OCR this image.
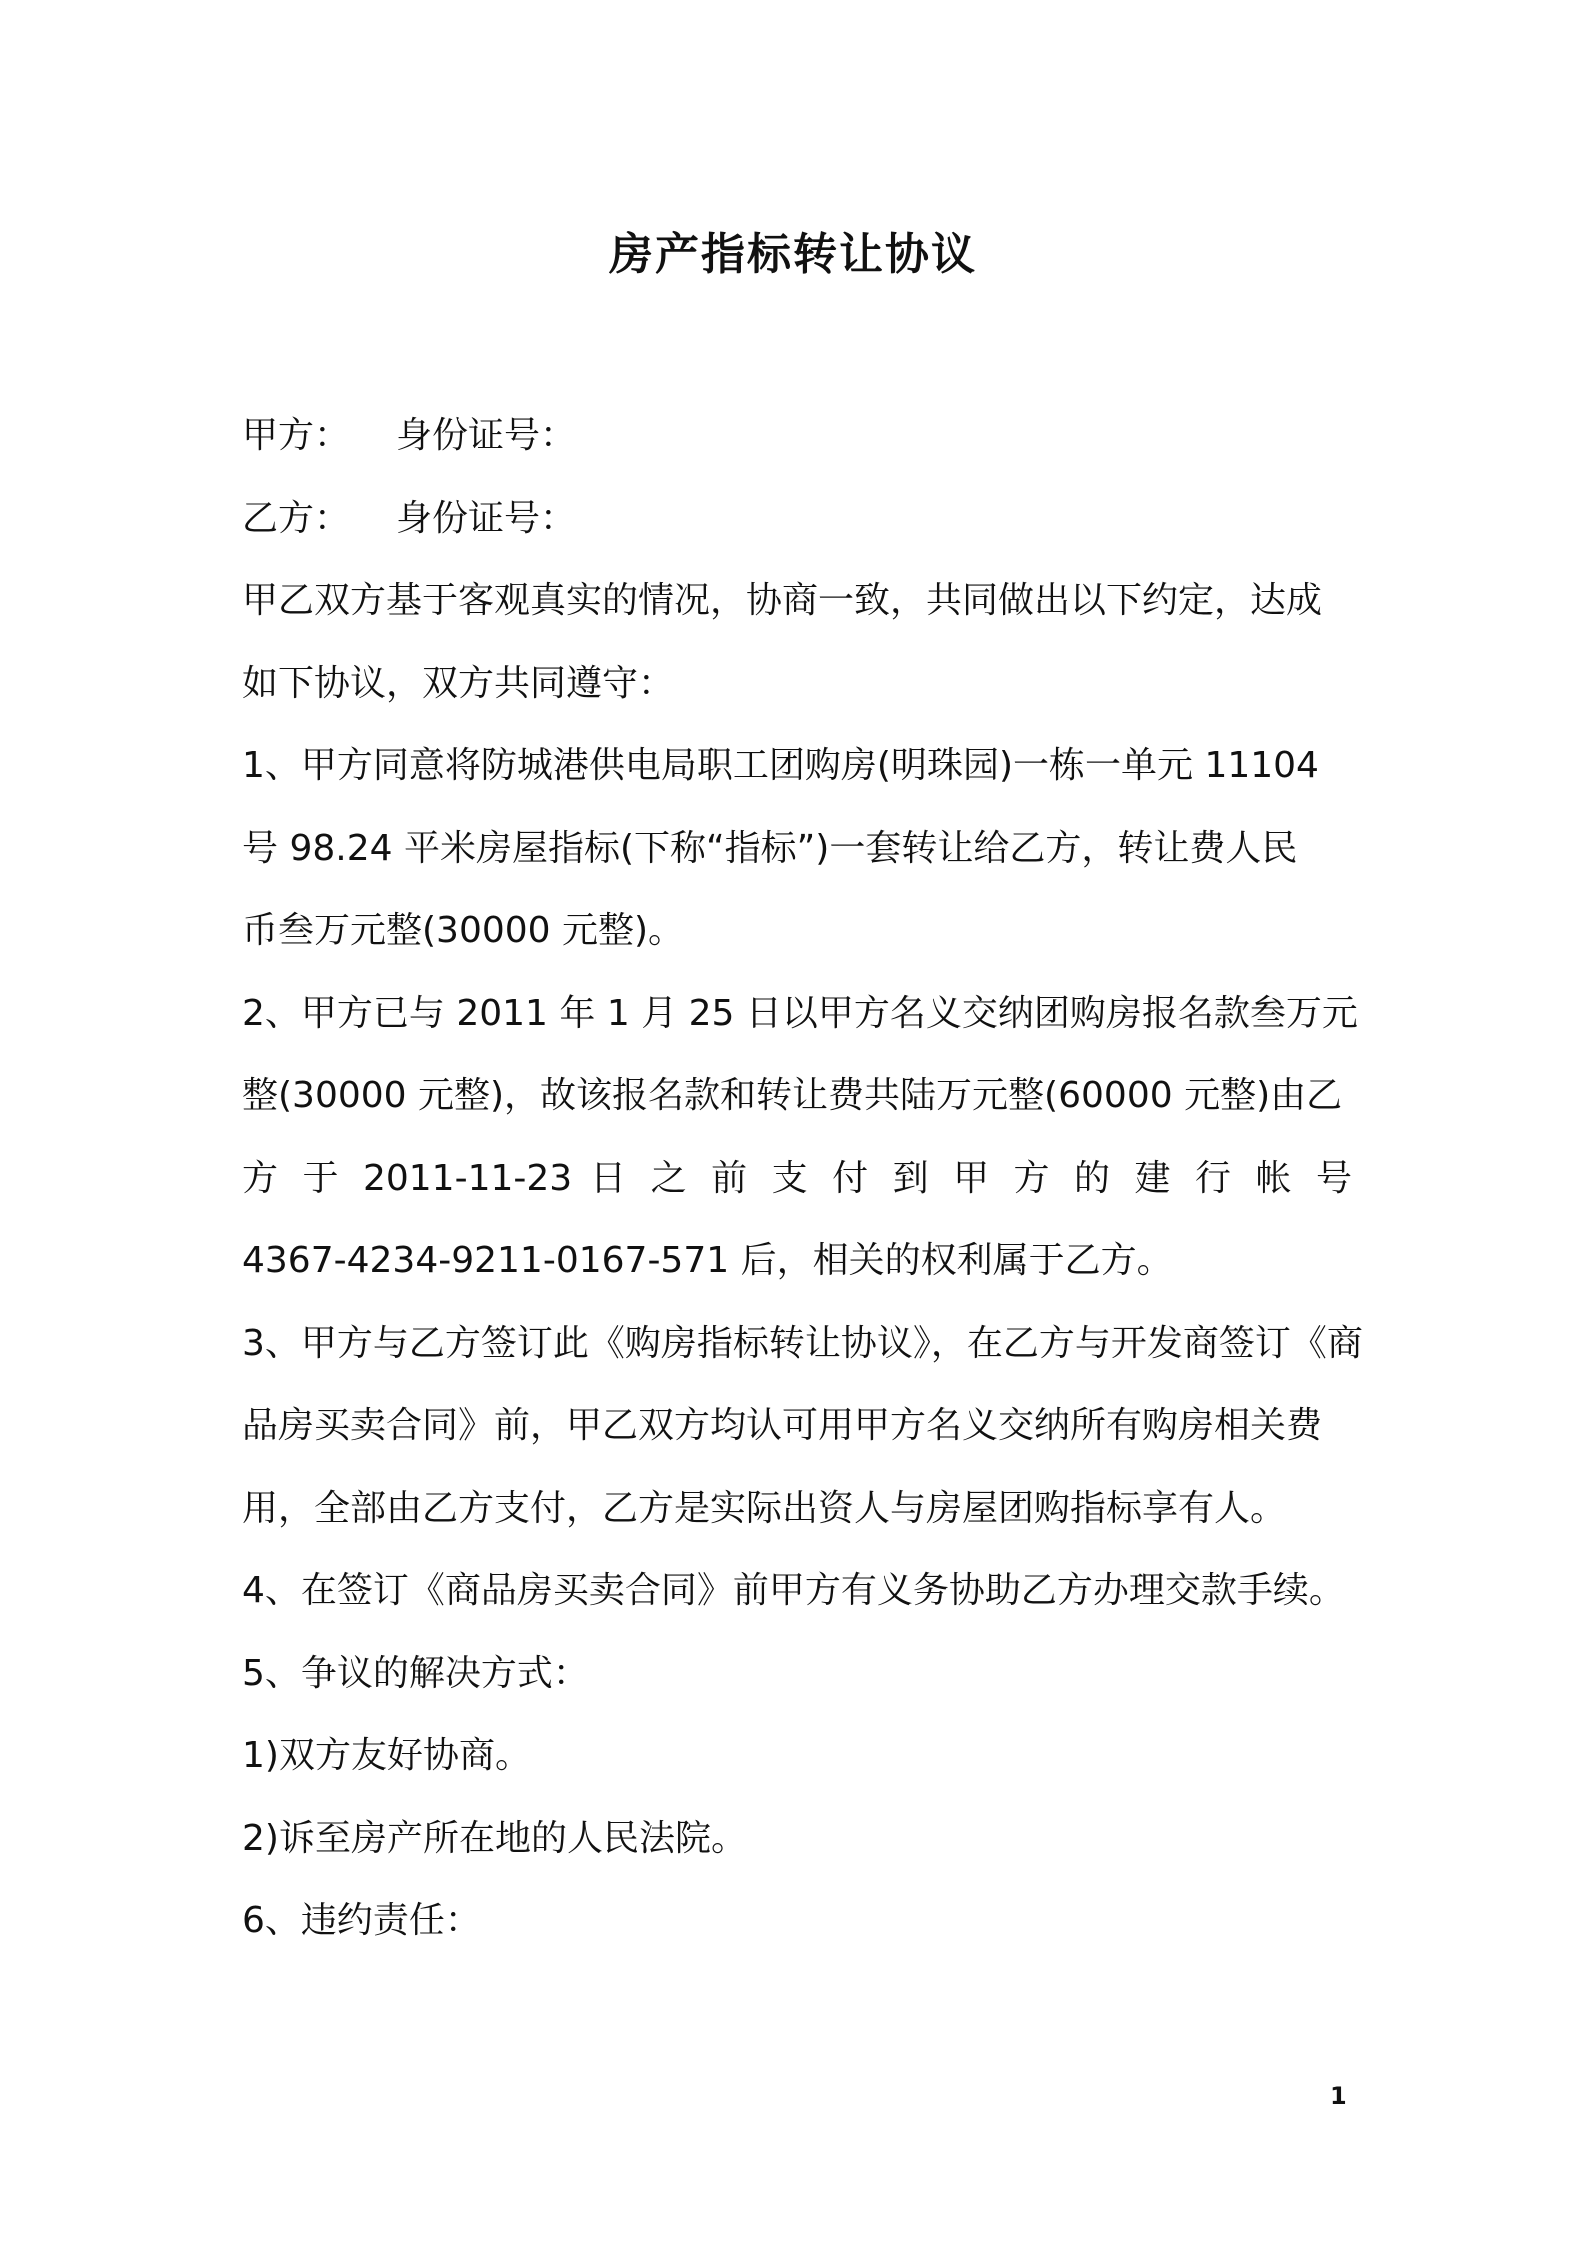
房产指标转让协议
甲方： 身份证号：
乙方： 身份证号：
甲乙双方基于客观真实的情况，协商一致，共同做出以下约定，达成
如下协议，双方共同遵守：
1、甲方同意将防城港供电局职工团购房(明珠园)一栋一单元 11104
号 98.24 平米房屋指标(下称“指标”)一套转让给乙方，转让费人民
币叁万元整(30000 元整)。
2、甲方已与 2011 年 1 月 25 日以甲方名义交纳团购房报名款叁万元
整(30000 元整)，故该报名款和转让费共陆万元整(60000 元整)由乙
方 于 2011-11-23 日 之 前 支 付 到 甲 方 的 建 行 帐 号
4367-4234-9211-0167-571 后，相关的权利属于乙方。
3、甲方与乙方签订此《购房指标转让协议》，在乙方与开发商签订《商
品房买卖合同》前，甲乙双方均认可用甲方名义交纳所有购房相关费
用，全部由乙方支付，乙方是实际出资人与房屋团购指标享有人。
4、在签订《商品房买卖合同》前甲方有义务协助乙方办理交款手续。
5、争议的解决方式：
1)双方友好协商。
2)诉至房产所在地的人民法院。
6、违约责任：
1
